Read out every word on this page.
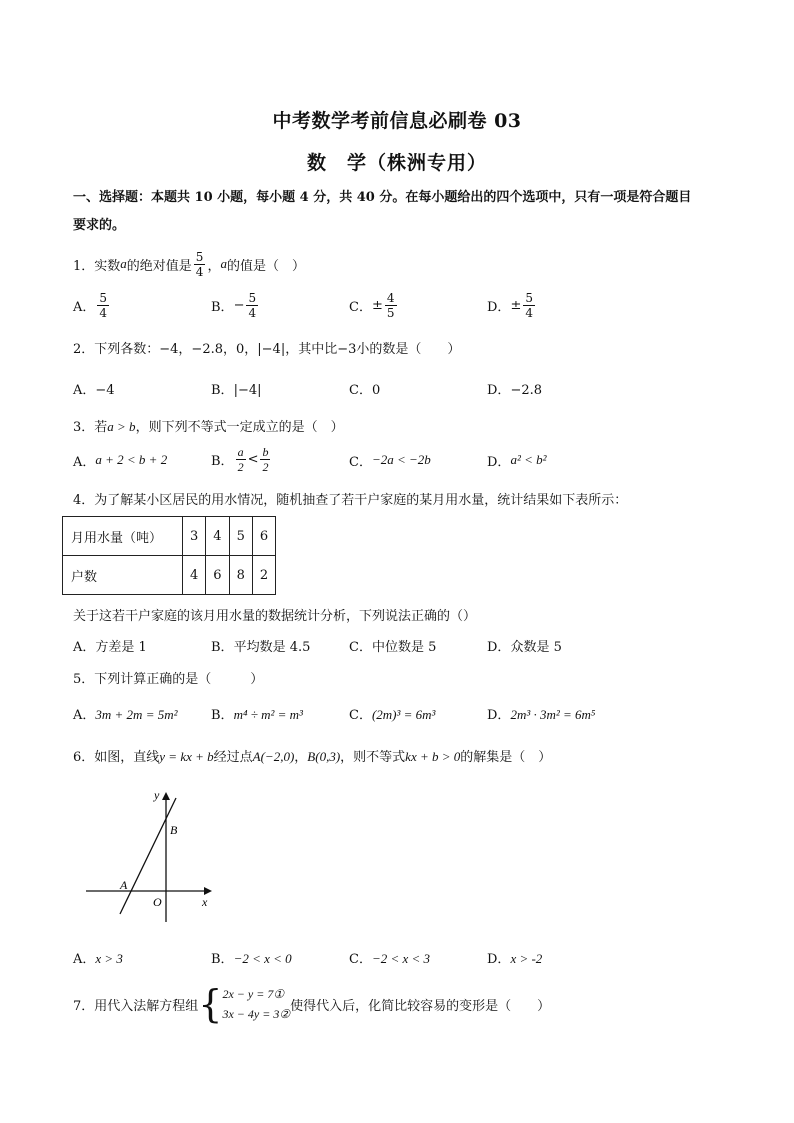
中考数学考前信息必刷卷 03
数　学（株洲专用）
一、选择题：本题共 10 小题，每小题 4 分，共 40 分。在每小题给出的四个选项中，只有一项是符合题目
要求的。
1．实数 a 的绝对值是 $\frac{5}{4}$ ， a 的值是（　）
A． $\frac{5}{4}$	B． − $\frac{5}{4}$	C． ± $\frac{4}{5}$	D． ± $\frac{5}{4}$
2．下列各数：−4，−2.8，0，|−4|，其中比−3小的数是（　　）
A．−4	B．|−4|	C．0	D．−2.8
3．若a > b，则下列不等式一定成立的是（　）
A． a + 2 < b + 2	B． $\frac{a}{2} < \frac{b}{2}$	C． −2a < −2b	D． a² < b²
4．为了解某小区居民的用水情况，随机抽查了若干户家庭的某月用水量，统计结果如下表所示：
月用水量（吨）	3	4	5	6
户数	4	6	8	2
关于这若干户家庭的该月用水量的数据统计分析，下列说法正确的（）
A．方差是 1	B．平均数是 4.5	C．中位数是 5	D．众数是 5
5．下列计算正确的是（　　　）
A．3m + 2m = 5m²	B．m⁴ ÷ m² = m³	C．(2m)³ = 6m³	D．2m³ · 3m² = 6m⁵
6．如图，直线y = kx + b经过点A(−2,0)，B(0,3)，则不等式kx + b > 0的解集是（　）
y
x
O
A
B
A．x > 3	B．−2 < x < 0	C．−2 < x < 3	D．x > -2
7．用代入法解方程组 { 2x − y = 7①
3x − 4y = 3②
使得代入后，化简比较容易的变形是（　　）
